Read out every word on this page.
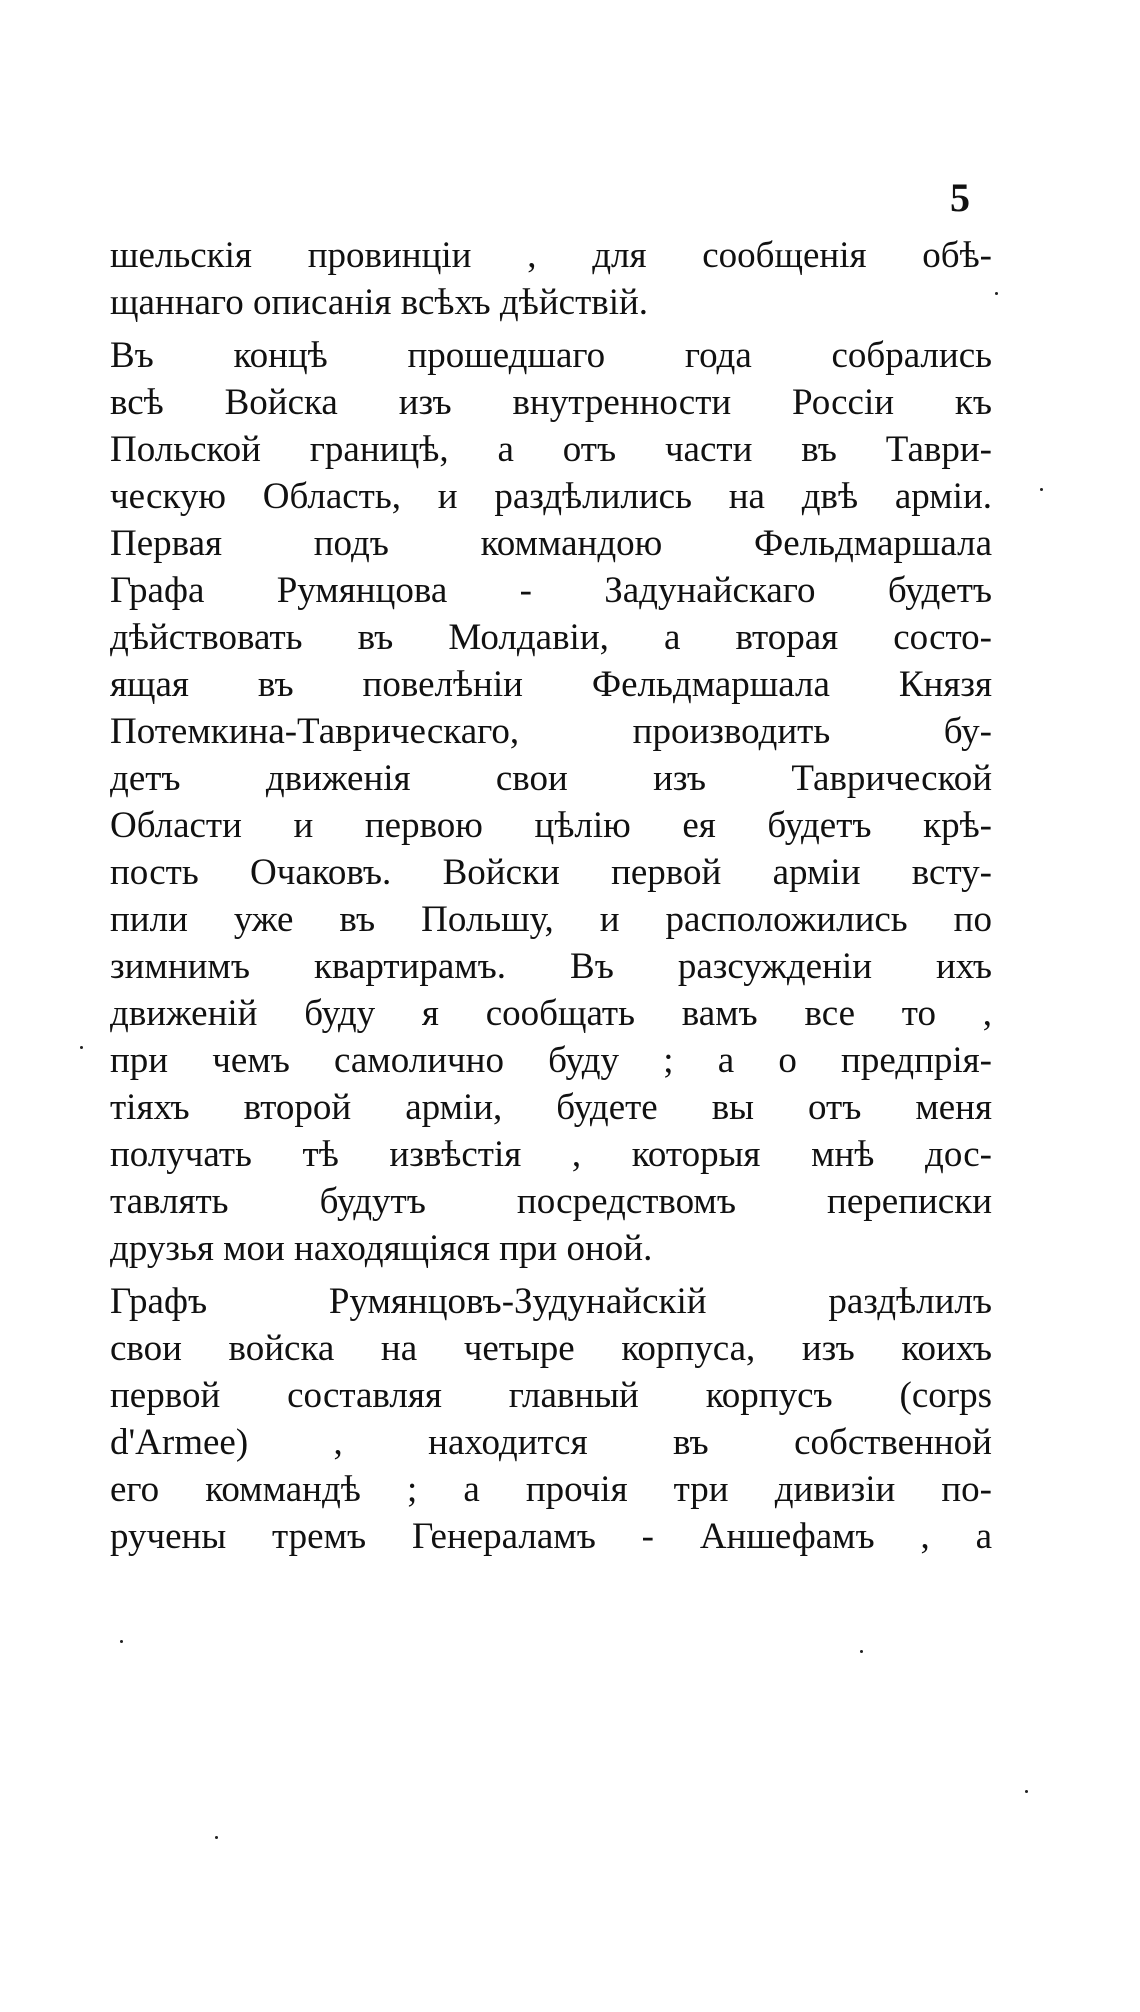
5
шельскія провинціи , для сообщенія обѣ-
щаннаго описанія всѣхъ дѣйствій.
Въ концѣ прошедшаго года собрались
всѣ Войска изъ внутренности Россіи къ
Польской границѣ, а отъ части въ Таври-
ческую Область, и раздѣлились на двѣ арміи.
Первая подъ коммандою Фельдмаршала
Графа Румянцова - Задунайскаго будетъ
дѣйствовать въ Молдавіи, а вторая состо-
ящая въ повелѣніи Фельдмаршала Князя
Потемкина-Таврическаго, производить бу-
детъ движенія свои изъ Таврической
Области и первою цѣлію ея будетъ крѣ-
пость Очаковъ. Войски первой арміи всту-
пили уже въ Польшу, и расположились по
зимнимъ квартирамъ. Въ разсужденіи ихъ
движеній буду я сообщать вамъ все то ,
при чемъ самолично буду ; а о предпрія-
тіяхъ второй арміи, будете вы отъ меня
получать тѣ извѣстія , которыя мнѣ дос-
тавлять будутъ посредствомъ переписки
друзья мои находящіяся при оной.
Графъ Румянцовъ-Зудунайскій раздѣлилъ
свои войска на четыре корпуса, изъ коихъ
первой составляя главный корпусъ (corps
d'Armee) , находится въ собственной
его коммандѣ ; а прочія три дивизіи по-
ручены тремъ Генераламъ - Аншефамъ , а
